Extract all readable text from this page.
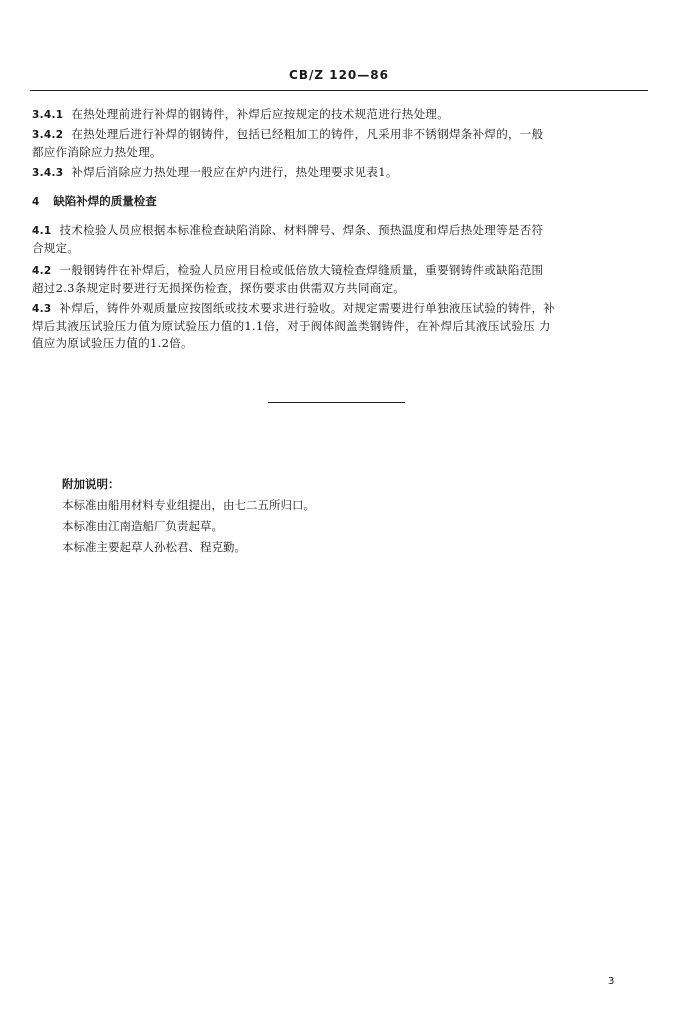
CB/Z 120—86

3.4.1 在热处理前进行补焊的钢铸件，补焊后应按规定的技术规范进行热处理。

3.4.2 在热处理后进行补焊的钢铸件，包括已经粗加工的铸件，凡采用非不锈钢焊条补焊的，一般
都应作消除应力热处理。

3.4.3 补焊后消除应力热处理一般应在炉内进行，热处理要求见表1。

4 缺陷补焊的质量检查

4.1 技术检验人员应根据本标准检查缺陷消除、材料牌号、焊条、预热温度和焊后热处理等是否符
合规定。

4.2 一般钢铸件在补焊后，检验人员应用目检或低倍放大镜检查焊缝质量，重要钢铸件或缺陷范围
超过2.3条规定时要进行无损探伤检查，探伤要求由供需双方共同商定。

4.3 补焊后，铸件外观质量应按图纸或技术要求进行验收。对规定需要进行单独液压试验的铸件，补
焊后其液压试验压力值为原试验压力值的1.1倍，对于阀体阀盖类钢铸件，在补焊后其液压试验压 力
值应为原试验压力值的1.2倍。

附加说明：
本标准由船用材料专业组提出，由七二五所归口。
本标准由江南造船厂负责起草。
本标准主要起草人孙松君、程克勤。
3
